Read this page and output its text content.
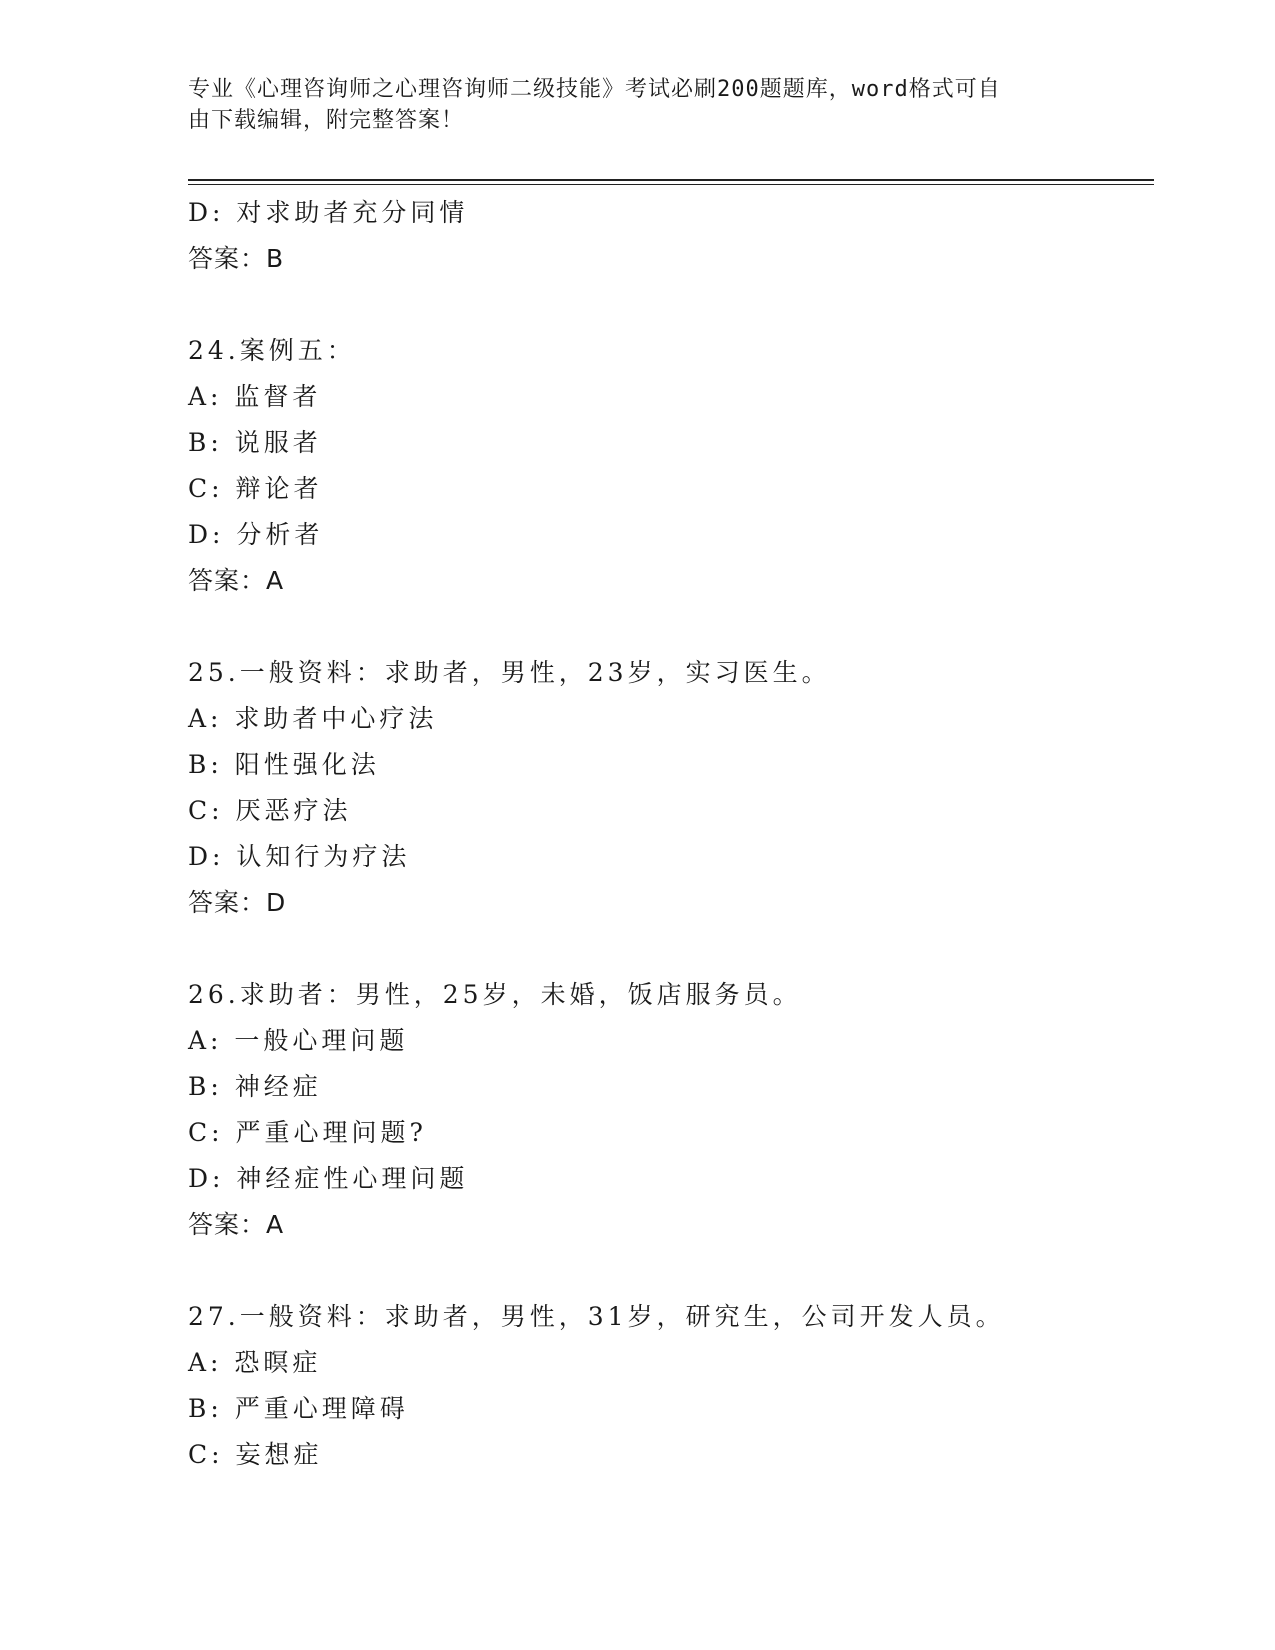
专业《心理咨询师之心理咨询师二级技能》考试必刷200题题库，word格式可自
由下载编辑，附完整答案！
D: 对求助者充分同情
答案：B
24.案例五：
A: 监督者
B: 说服者
C: 辩论者
D: 分析者
答案：A
25.一般资料：求助者，男性，23岁，实习医生。
A: 求助者中心疗法
B: 阳性强化法
C: 厌恶疗法
D: 认知行为疗法
答案：D
26.求助者：男性，25岁，未婚，饭店服务员。
A: 一般心理问题
B: 神经症
C: 严重心理问题?
D: 神经症性心理问题
答案：A
27.一般资料：求助者，男性，31岁，研究生，公司开发人员。
A: 恐暝症
B: 严重心理障碍
C: 妄想症
